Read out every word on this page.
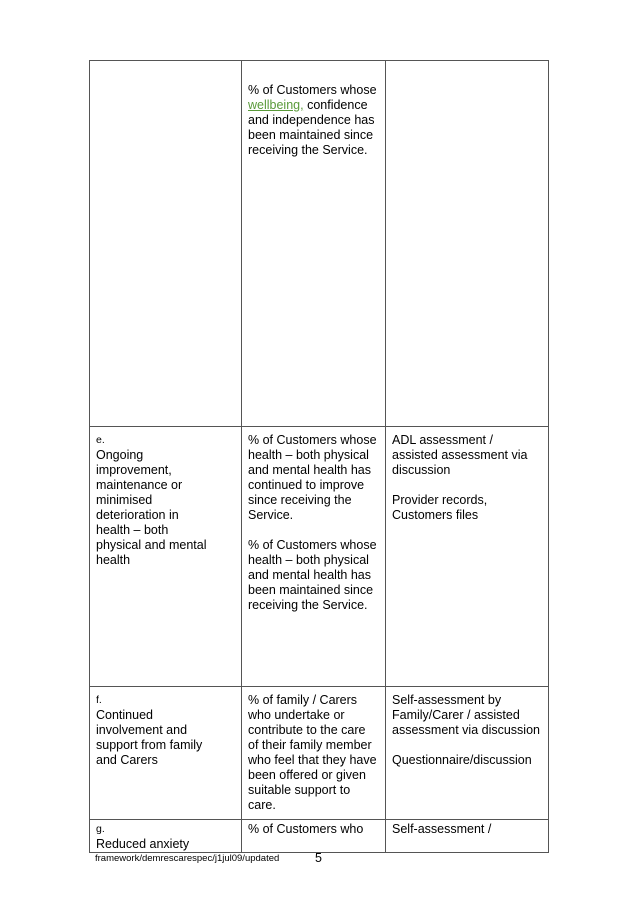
	% of Customers whose wellbeing, confidence and independence has been maintained since receiving the Service.	
e.Ongoing improvement, maintenance or minimised deterioration in health – both physical and mental health	% of Customers whose health – both physical and mental health has continued to improve since receiving the Service.
% of Customers whose health – both physical and mental health has been maintained since receiving the Service.	ADL assessment / assisted assessment via discussion
Provider records, Customers files

f.Continued involvement and support from family and Carers	% of family / Carers who undertake or contribute to the care of their family member who feel that they have been offered or given suitable support to care.	Self-assessment by Family/Carer / assisted assessment via discussion
Questionnaire/discussion

g.Reduced anxiety	% of Customers who	Self-assessment /
framework/demrescarespec/j1jul09/updated	5
